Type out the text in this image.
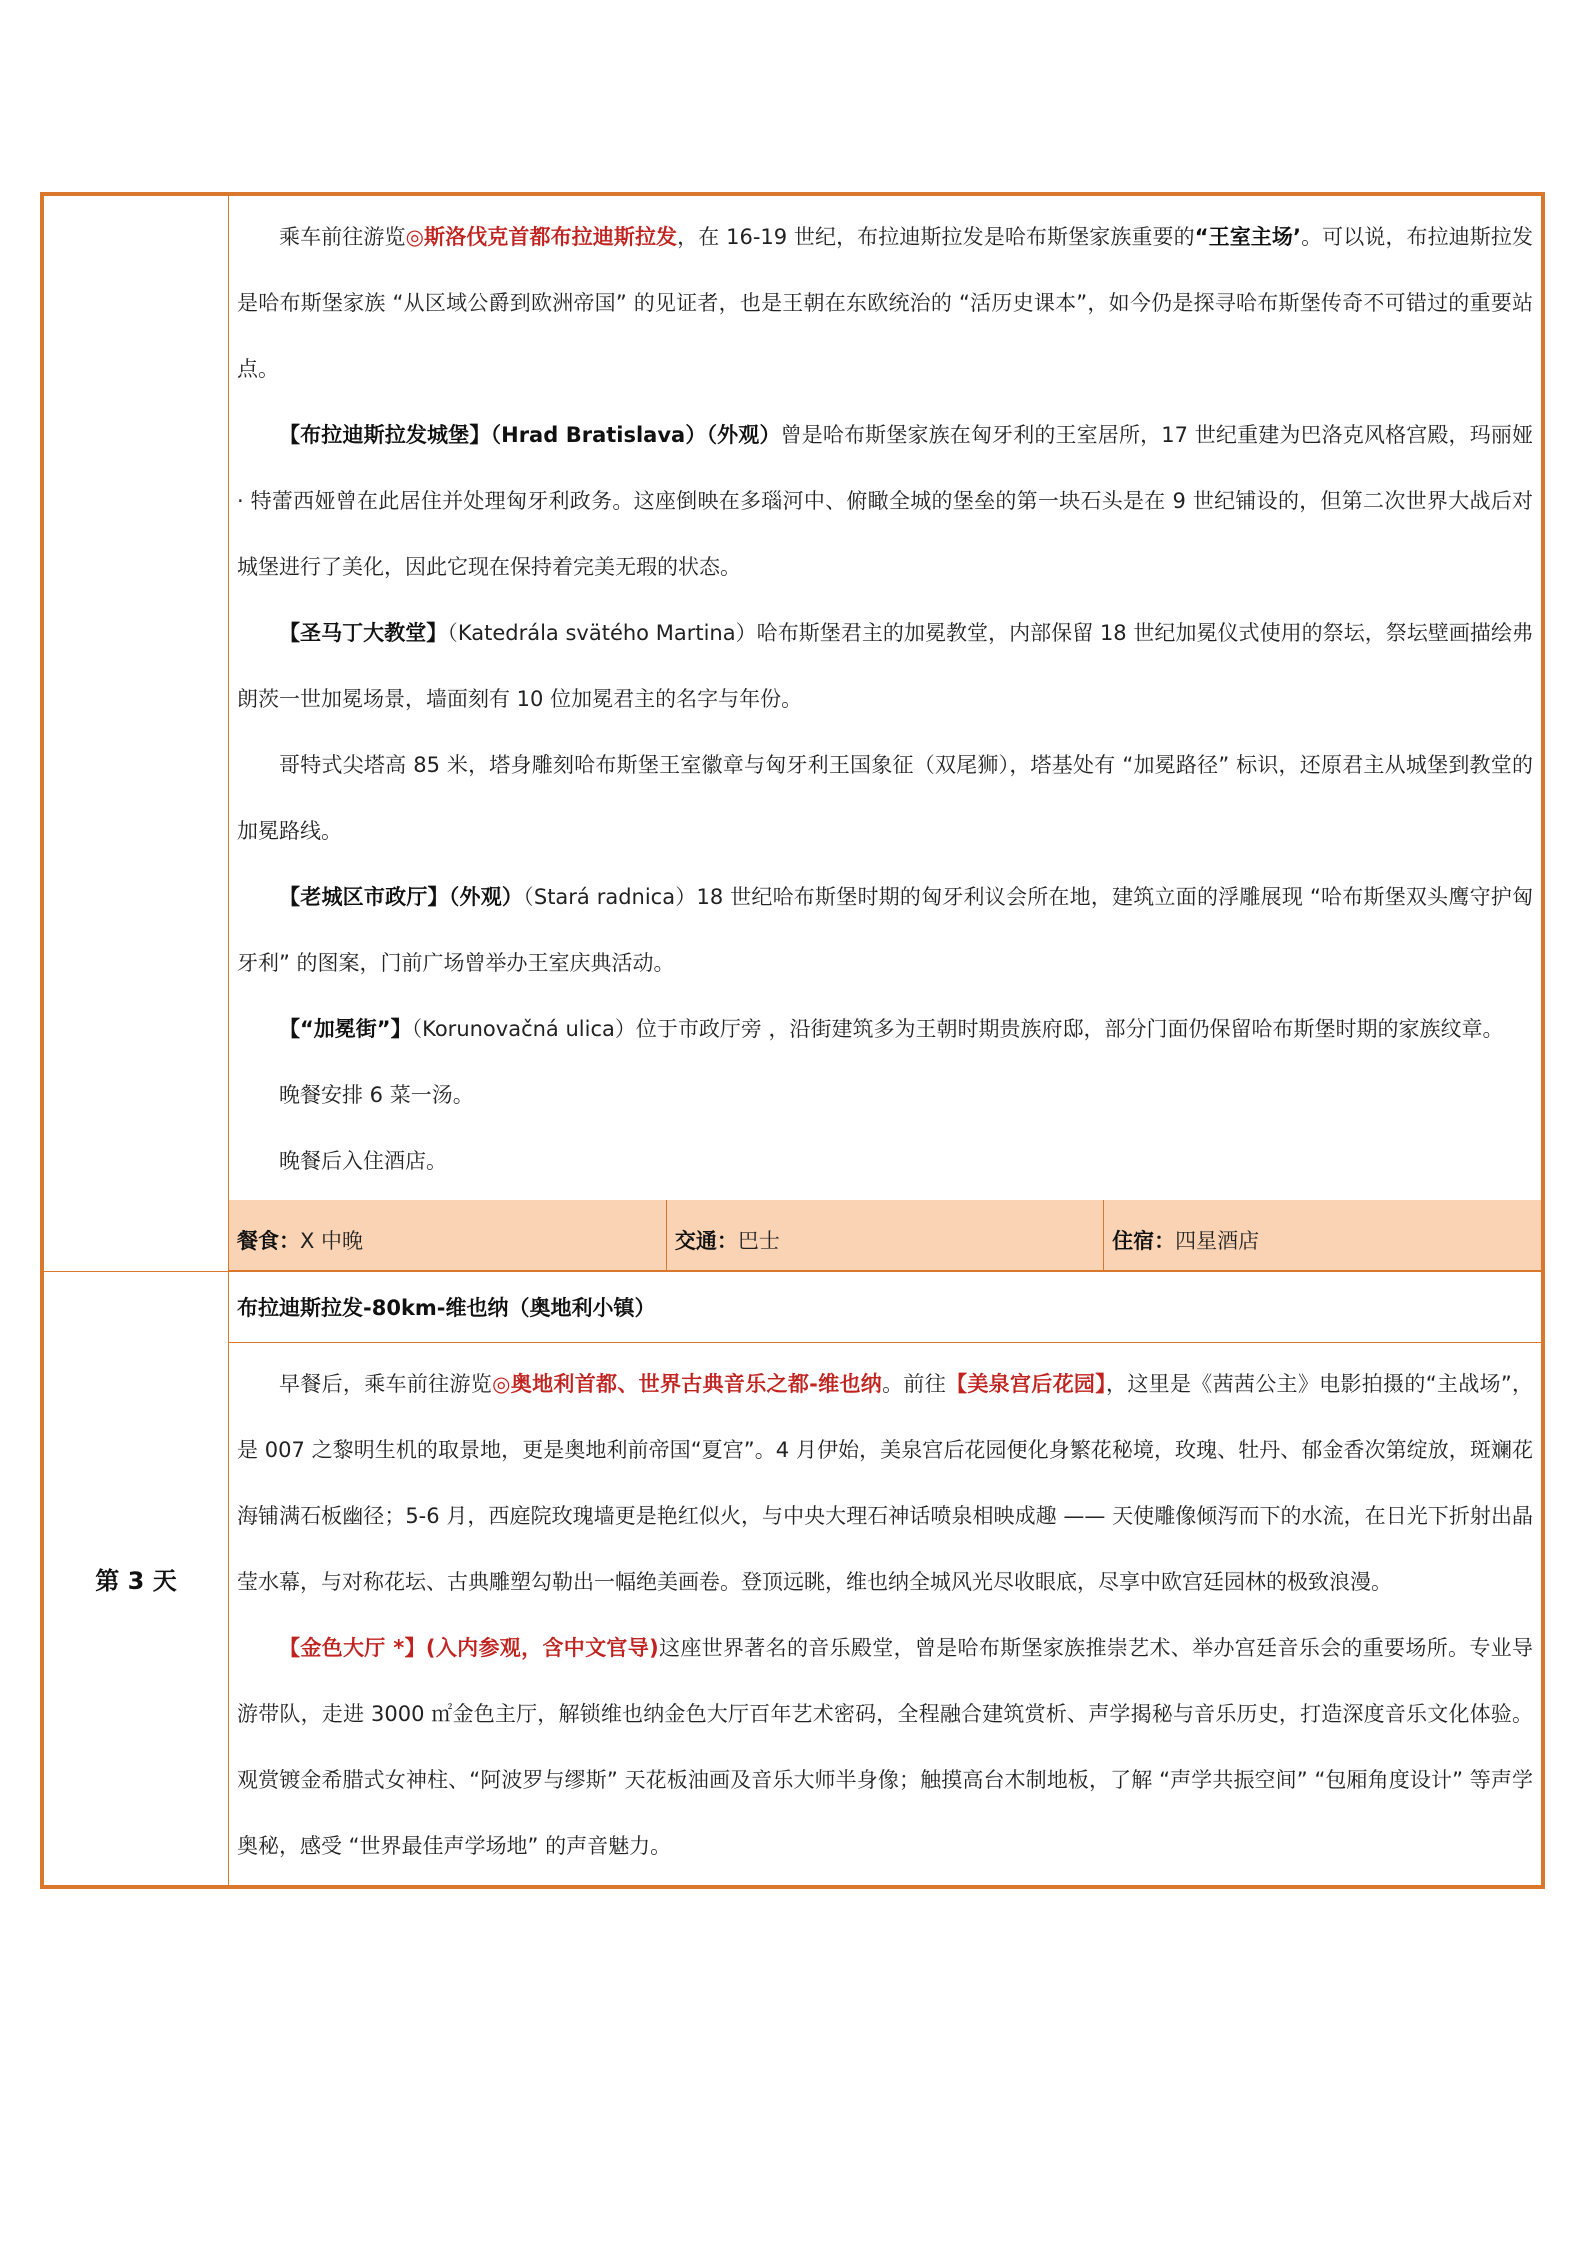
乘车前往游览◎斯洛伐克首都布拉迪斯拉发，在 16-19 世纪，布拉迪斯拉发是哈布斯堡家族重要的“王室主场’。可以说，布拉迪斯拉发是哈布斯堡家族 “从区域公爵到欧洲帝国” 的见证者，也是王朝在东欧统治的 “活历史课本”，如今仍是探寻哈布斯堡传奇不可错过的重要站点。

【布拉迪斯拉发城堡】（Hrad Bratislava）（外观）曾是哈布斯堡家族在匈牙利的王室居所，17 世纪重建为巴洛克风格宫殿，玛丽娅 · 特蕾西娅曾在此居住并处理匈牙利政务。这座倒映在多瑙河中、俯瞰全城的堡垒的第一块石头是在 9 世纪铺设的，但第二次世界大战后对城堡进行了美化，因此它现在保持着完美无瑕的状态。

【圣马丁大教堂】（Katedrála svätého Martina）哈布斯堡君主的加冕教堂，内部保留 18 世纪加冕仪式使用的祭坛，祭坛壁画描绘弗朗茨一世加冕场景，墙面刻有 10 位加冕君主的名字与年份。

哥特式尖塔高 85 米，塔身雕刻哈布斯堡王室徽章与匈牙利王国象征（双尾狮），塔基处有 “加冕路径” 标识，还原君主从城堡到教堂的加冕路线。

【老城区市政厅】（外观）（Stará radnica）18 世纪哈布斯堡时期的匈牙利议会所在地，建筑立面的浮雕展现 “哈布斯堡双头鹰守护匈牙利” 的图案，门前广场曾举办王室庆典活动。

【“加冕街”】（Korunovačná ulica）位于市政厅旁 ，沿街建筑多为王朝时期贵族府邸，部分门面仍保留哈布斯堡时期的家族纹章。

晚餐安排 6 菜一汤。

晚餐后入住酒店。

餐食：X 中晚	交通：巴士	住宿：四星酒店

第 3 天	布拉迪斯拉发-80km-维也纳（奥地利小镇）

早餐后，乘车前往游览◎奥地利首都、世界古典音乐之都-维也纳。前往【美泉宫后花园】，这里是《茜茜公主》电影拍摄的“主战场”，是 007 之黎明生机的取景地，更是奥地利前帝国“夏宫”。4 月伊始，美泉宫后花园便化身繁花秘境，玫瑰、牡丹、郁金香次第绽放，斑斓花海铺满石板幽径；5-6 月，西庭院玫瑰墙更是艳红似火，与中央大理石神话喷泉相映成趣 —— 天使雕像倾泻而下的水流，在日光下折射出晶莹水幕，与对称花坛、古典雕塑勾勒出一幅绝美画卷。登顶远眺，维也纳全城风光尽收眼底，尽享中欧宫廷园林的极致浪漫。

【金色大厅 *】(入内参观，含中文官导)这座世界著名的音乐殿堂，曾是哈布斯堡家族推崇艺术、举办宫廷音乐会的重要场所。专业导游带队，走进 3000 ㎡金色主厅，解锁维也纳金色大厅百年艺术密码，全程融合建筑赏析、声学揭秘与音乐历史，打造深度音乐文化体验。观赏镀金希腊式女神柱、“阿波罗与缪斯” 天花板油画及音乐大师半身像；触摸高台木制地板，了解 “声学共振空间” “包厢角度设计” 等声学奥秘，感受 “世界最佳声学场地” 的声音魅力。
